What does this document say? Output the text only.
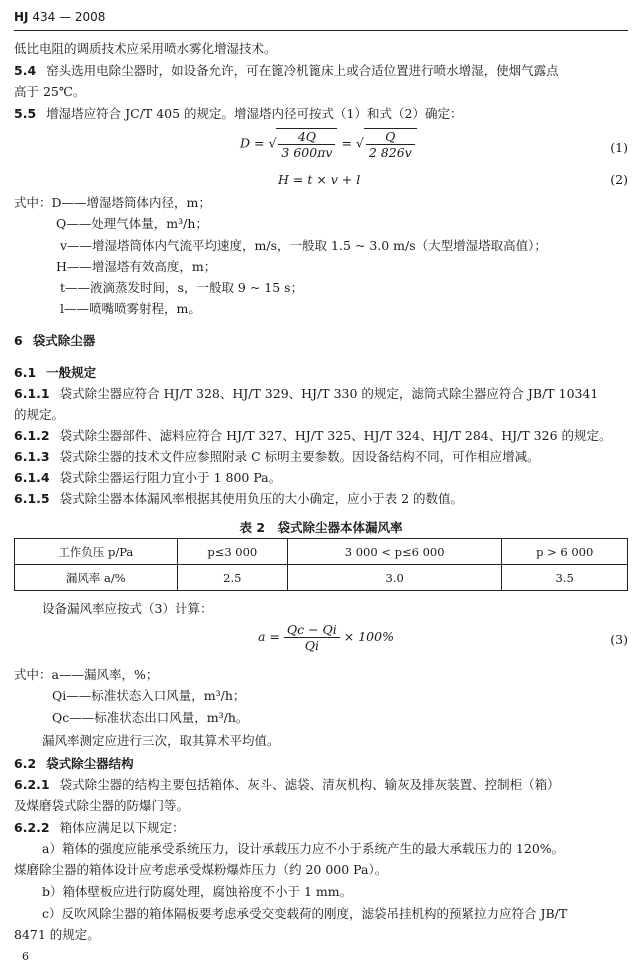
HJ 434 — 2008
低比电阻的调质技术应采用喷水雾化增湿技术。
5.4 窑头选用电除尘器时，如设备允许，可在篦冷机篦床上或合适位置进行喷水增湿，使烟气露点
高于 25℃。
5.5 增湿塔应符合 JC/T 405 的规定。增湿塔内径可按式（1）和式（2）确定：
D = √ $\frac{4Q}{3 600\pi v}$ = √ $\frac{Q}{2 826v}$	(1)
H = t × v + l	(2)
式中：D——增湿塔筒体内径，m；
Q——处理气体量，m³/h；
v——增湿塔筒体内气流平均速度，m/s，一般取 1.5 ~ 3.0 m/s（大型增湿塔取高值）；
H——增湿塔有效高度，m；
t——液滴蒸发时间，s，一般取 9 ~ 15 s；
l——喷嘴喷雾射程，m。
6 袋式除尘器
6.1 一般规定
6.1.1 袋式除尘器应符合 HJ/T 328、HJ/T 329、HJ/T 330 的规定，滤筒式除尘器应符合 JB/T 10341
的规定。
6.1.2 袋式除尘器部件、滤料应符合 HJ/T 327、HJ/T 325、HJ/T 324、HJ/T 284、HJ/T 326 的规定。
6.1.3 袋式除尘器的技术文件应参照附录 C 标明主要参数。因设备结构不同，可作相应增减。
6.1.4 袋式除尘器运行阻力宜小于 1 800 Pa。
6.1.5 袋式除尘器本体漏风率根据其使用负压的大小确定，应小于表 2 的数值。
表 2　袋式除尘器本体漏风率
工作负压 p/Pa	p≤3 000	3 000 < p≤6 000	p > 6 000
漏风率 a/%	2.5	3.0	3.5
设备漏风率应按式（3）计算：
$a = \frac{Qc - Qi}{Qi} \times 100\%$	(3)
式中：a——漏风率，%；
Qi——标准状态入口风量，m³/h；
Qc——标准状态出口风量，m³/h。
漏风率测定应进行三次，取其算术平均值。
6.2 袋式除尘器结构
6.2.1 袋式除尘器的结构主要包括箱体、灰斗、滤袋、清灰机构、输灰及排灰装置、控制柜（箱）
及煤磨袋式除尘器的防爆门等。
6.2.2 箱体应满足以下规定：
a）箱体的强度应能承受系统压力，设计承载压力应不小于系统产生的最大承载压力的 120%。
煤磨除尘器的箱体设计应考虑承受煤粉爆炸压力（约 20 000 Pa）。
b）箱体壁板应进行防腐处理，腐蚀裕度不小于 1 mm。
c）反吹风除尘器的箱体隔板要考虑承受交变载荷的刚度，滤袋吊挂机构的预紧拉力应符合 JB/T
8471 的规定。
6
